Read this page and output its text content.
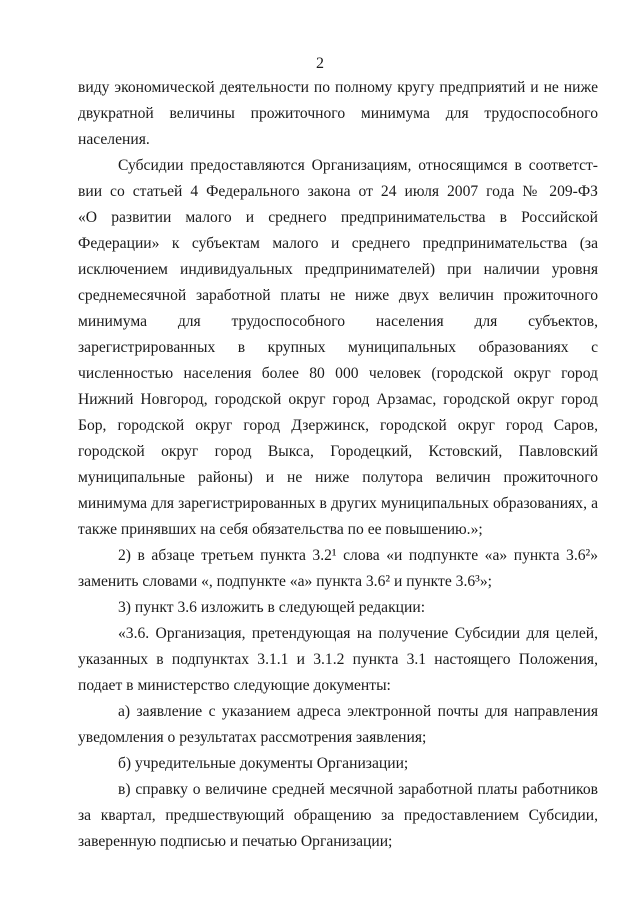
2
виду экономической деятельности по полному кругу предприятий и не ниже
двукратной величины прожиточного минимума для трудоспособного
населения.
Субсидии предоставляются Организациям, относящимся в соответст-
вии со статьей 4 Федерального закона от 24 июля 2007 года № 209-ФЗ
«О развитии малого и среднего предпринимательства в Российской
Федерации» к субъектам малого и среднего предпринимательства (за
исключением индивидуальных предпринимателей) при наличии уровня
среднемесячной заработной платы не ниже двух величин прожиточного
минимума для трудоспособного населения для субъектов,
зарегистрированных в крупных муниципальных образованиях с
численностью населения более 80 000 человек (городской округ город
Нижний Новгород, городской округ город Арзамас, городской округ город
Бор, городской округ город Дзержинск, городской округ город Саров,
городской округ город Выкса, Городецкий, Кстовский, Павловский
муниципальные районы) и не ниже полутора величин прожиточного
минимума для зарегистрированных в других муниципальных образованиях, а
также принявших на себя обязательства по ее повышению.»;
2) в абзаце третьем пункта 3.2¹ слова «и подпункте «а» пункта 3.6²»
заменить словами «, подпункте «а» пункта 3.6² и пункте 3.6³»;
3) пункт 3.6 изложить в следующей редакции:
«3.6. Организация, претендующая на получение Субсидии для целей,
указанных в подпунктах 3.1.1 и 3.1.2 пункта 3.1 настоящего Положения,
подает в министерство следующие документы:
а) заявление с указанием адреса электронной почты для направления
уведомления о результатах рассмотрения заявления;
б) учредительные документы Организации;
в) справку о величине средней месячной заработной платы работников
за квартал, предшествующий обращению за предоставлением Субсидии,
заверенную подписью и печатью Организации;
